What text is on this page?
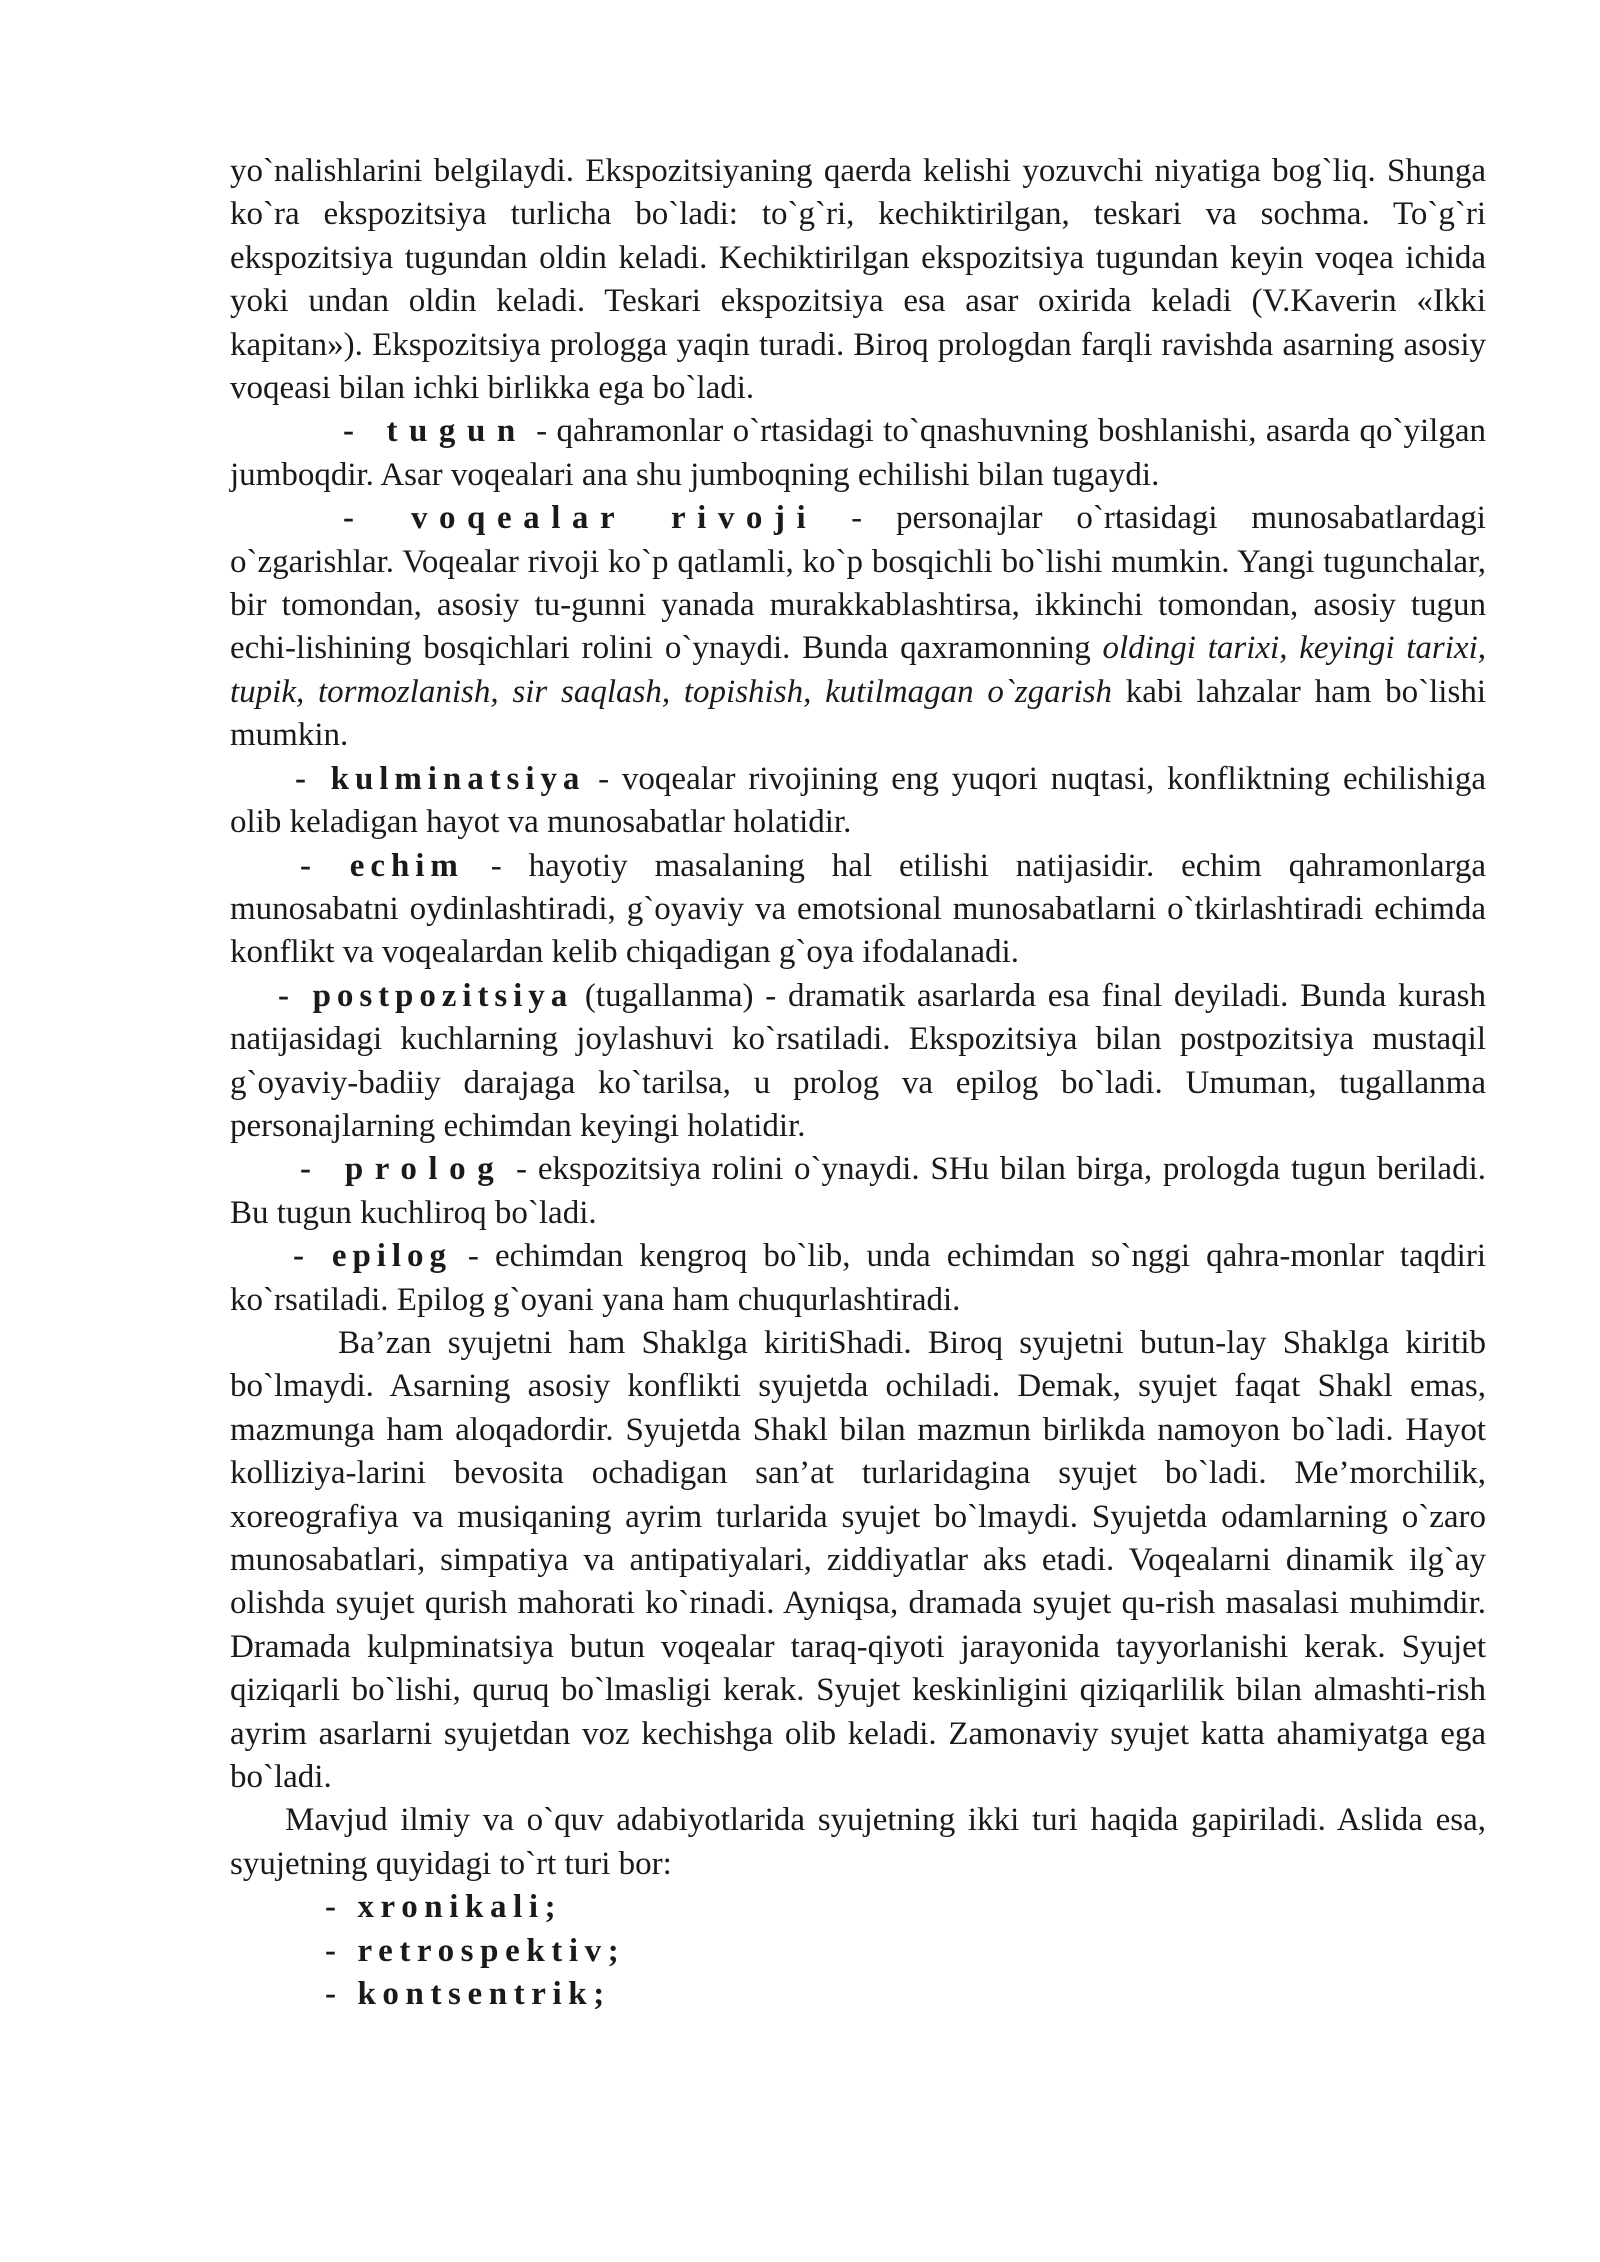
yo`nalishlarini belgilaydi. Ekspozitsiyaning qaerda kelishi yozuvchi niyatiga bog`liq. Shunga ko`ra ekspozitsiya turlicha bo`ladi: to`g`ri, kechiktirilgan, teskari va sochma. To`g`ri ekspozitsiya tugundan oldin keladi. Kechiktirilgan ekspozitsiya tugundan keyin voqea ichida yoki undan oldin keladi. Teskari ekspozitsiya esa asar oxirida keladi (V.Kaverin «Ikki kapitan»). Ekspozitsiya prologga yaqin turadi. Biroq prologdan farqli ravishda asarning asosiy voqeasi bilan ichki birlikka ega bo`ladi.

- tugun - qahramonlar o`rtasidagi to`qnashuvning boshlanishi, asarda qo`yilgan jumboqdir. Asar voqealari ana shu jumboqning echilishi bilan tugaydi.

- voqealar rivoji - personajlar o`rtasidagi munosabatlardagi o`zgarishlar. Voqealar rivoji ko`p qatlamli, ko`p bosqichli bo`lishi mumkin. Yangi tugunchalar, bir tomondan, asosiy tu-gunni yanada murakkablashtirsa, ikkinchi tomondan, asosiy tugun echi-lishining bosqichlari rolini o`ynaydi. Bunda qaxramonning oldingi tarixi, keyingi tarixi, tupik, tormozlanish, sir saqlash, topishish, kutilmagan o`zgarish kabi lahzalar ham bo`lishi mumkin.

- kulminatsiya - voqealar rivojining eng yuqori nuqtasi, konfliktning echilishiga olib keladigan hayot va munosabatlar holatidir.

- echim - hayotiy masalaning hal etilishi natijasidir. echim qahramonlarga munosabatni oydinlashtiradi, g`oyaviy va emotsional munosabatlarni o`tkirlashtiradi echimda konflikt va voqealardan kelib chiqadigan g`oya ifodalanadi.

- postpozitsiya (tugallanma) - dramatik asarlarda esa final deyiladi. Bunda kurash natijasidagi kuchlarning joylashuvi ko`rsatiladi. Ekspozitsiya bilan postpozitsiya mustaqil g`oyaviy-badiiy darajaga ko`tarilsa, u prolog va epilog bo`ladi. Umuman, tugallanma personajlarning echimdan keyingi holatidir.

- prolog - ekspozitsiya rolini o`ynaydi. SHu bilan birga, prologda tugun beriladi. Bu tugun kuchliroq bo`ladi.

- epilog - echimdan kengroq bo`lib, unda echimdan so`nggi qahra-monlar taqdiri ko`rsatiladi. Epilog g`oyani yana ham chuqurlashtiradi.

Ba’zan syujetni ham Shaklga kiritiShadi. Biroq syujetni butun-lay Shaklga kiritib bo`lmaydi. Asarning asosiy konflikti syujetda ochiladi. Demak, syujet faqat Shakl emas, mazmunga ham aloqadordir. Syujetda Shakl bilan mazmun birlikda namoyon bo`ladi. Hayot kolliziya-larini bevosita ochadigan san’at turlaridagina syujet bo`ladi. Me’morchilik, xoreografiya va musiqaning ayrim turlarida syujet bo`lmaydi. Syujetda odamlarning o`zaro munosabatlari, simpatiya va antipatiyalari, ziddiyatlar aks etadi. Voqealarni dinamik ilg`ay olishda syujet qurish mahorati ko`rinadi. Ayniqsa, dramada syujet qu-rish masalasi muhimdir. Dramada kulpminatsiya butun voqealar taraq-qiyoti jarayonida tayyorlanishi kerak. Syujet qiziqarli bo`lishi, quruq bo`lmasligi kerak. Syujet keskinligini qiziqarlilik bilan almashti-rish ayrim asarlarni syujetdan voz kechishga olib keladi. Zamonaviy syujet katta ahamiyatga ega bo`ladi.

Mavjud ilmiy va o`quv adabiyotlarida syujetning ikki turi haqida gapiriladi. Aslida esa, syujetning quyidagi to`rt turi bor:

- xronikali;

- retrospektiv;

- kontsentrik;
